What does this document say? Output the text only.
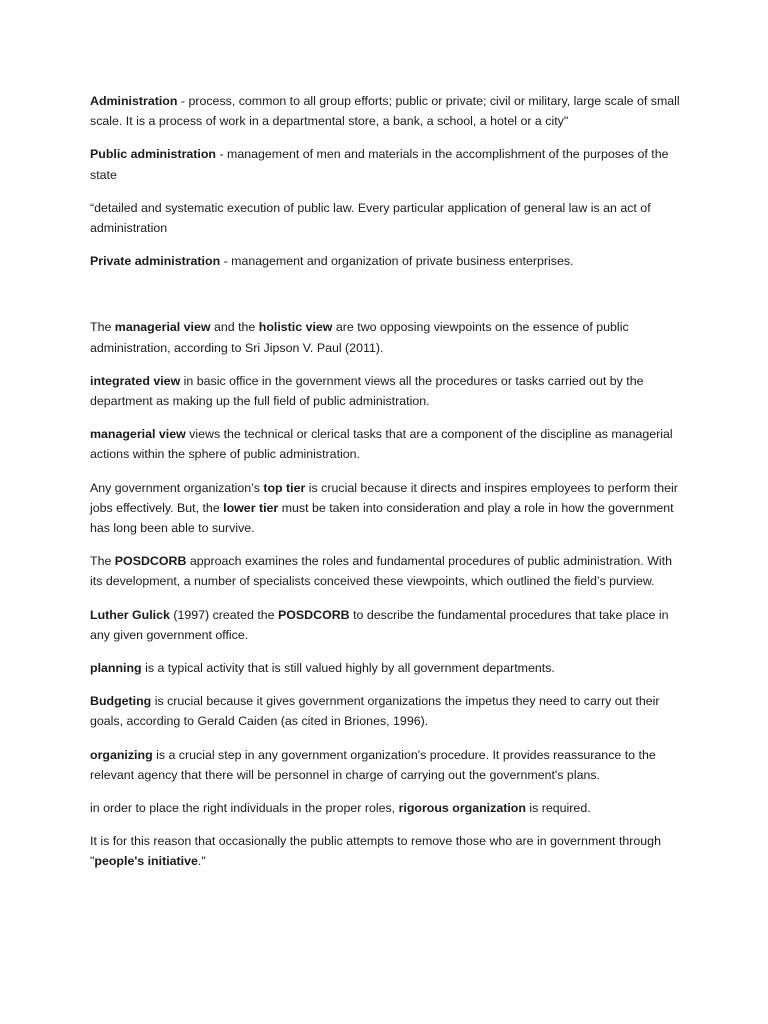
Administration - process, common to all group efforts; public or private; civil or military, large scale of small scale. It is a process of work in a departmental store, a bank, a school, a hotel or a city"

Public administration - management of men and materials in the accomplishment of the purposes of the state

“detailed and systematic execution of public law. Every particular application of general law is an act of administration

Private administration - management and organization of private business enterprises.

The managerial view and the holistic view are two opposing viewpoints on the essence of public administration, according to Sri Jipson V. Paul (2011).

integrated view in basic office in the government views all the procedures or tasks carried out by the department as making up the full field of public administration.

managerial view views the technical or clerical tasks that are a component of the discipline as managerial actions within the sphere of public administration.

Any government organization’s top tier is crucial because it directs and inspires employees to perform their jobs effectively. But, the lower tier must be taken into consideration and play a role in how the government has long been able to survive.

The POSDCORB approach examines the roles and fundamental procedures of public administration. With its development, a number of specialists conceived these viewpoints, which outlined the field’s purview.

Luther Gulick (1997) created the POSDCORB to describe the fundamental procedures that take place in any given government office.

planning is a typical activity that is still valued highly by all government departments.

Budgeting is crucial because it gives government organizations the impetus they need to carry out their goals, according to Gerald Caiden (as cited in Briones, 1996).

organizing is a crucial step in any government organization's procedure. It provides reassurance to the relevant agency that there will be personnel in charge of carrying out the government's plans.

in order to place the right individuals in the proper roles, rigorous organization is required.

It is for this reason that occasionally the public attempts to remove those who are in government through "people's initiative."
